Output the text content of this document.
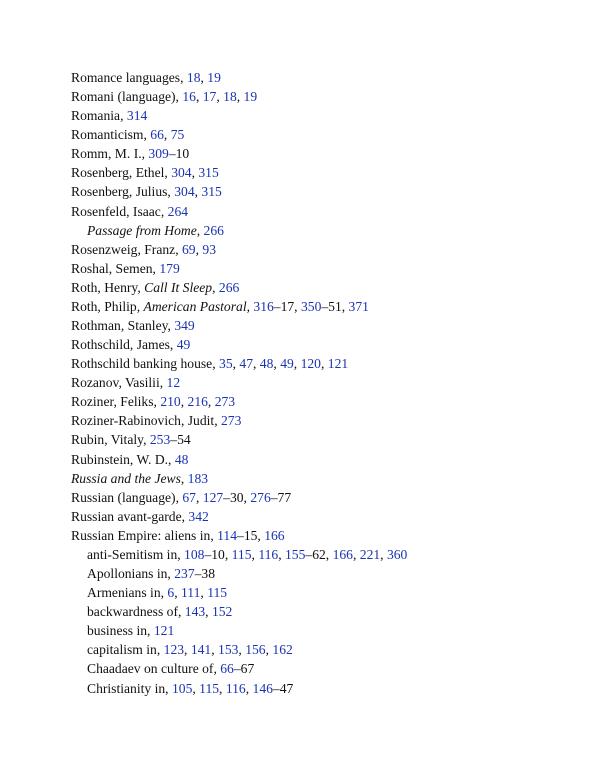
Romance languages, 18, 19
Romani (language), 16, 17, 18, 19
Romania, 314
Romanticism, 66, 75
Romm, M. I., 309–10
Rosenberg, Ethel, 304, 315
Rosenberg, Julius, 304, 315
Rosenfeld, Isaac, 264
Passage from Home, 266
Rosenzweig, Franz, 69, 93
Roshal, Semen, 179
Roth, Henry, Call It Sleep, 266
Roth, Philip, American Pastoral, 316–17, 350–51, 371
Rothman, Stanley, 349
Rothschild, James, 49
Rothschild banking house, 35, 47, 48, 49, 120, 121
Rozanov, Vasilii, 12
Roziner, Feliks, 210, 216, 273
Roziner-Rabinovich, Judit, 273
Rubin, Vitaly, 253–54
Rubinstein, W. D., 48
Russia and the Jews, 183
Russian (language), 67, 127–30, 276–77
Russian avant-garde, 342
Russian Empire: aliens in, 114–15, 166
anti-Semitism in, 108–10, 115, 116, 155–62, 166, 221, 360
Apollonians in, 237–38
Armenians in, 6, 111, 115
backwardness of, 143, 152
business in, 121
capitalism in, 123, 141, 153, 156, 162
Chaadaev on culture of, 66–67
Christianity in, 105, 115, 116, 146–47
